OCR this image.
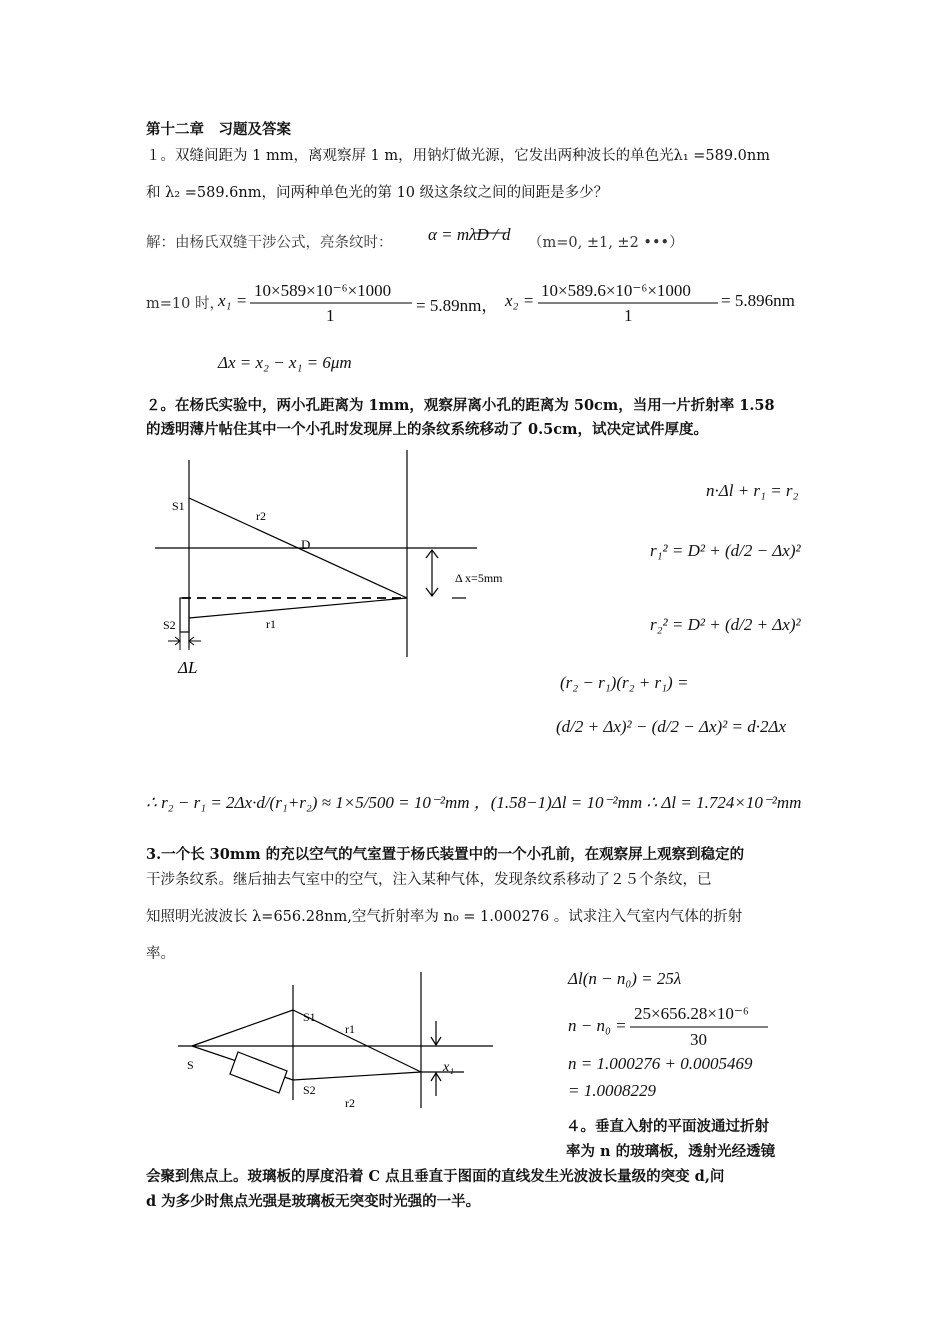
第十二章　习题及答案
１。双缝间距为 1 mm，离观察屏 1 m，用钠灯做光源，它发出两种波长的单色光λ₁ =589.0nm
和 λ₂ =589.6nm，问两种单色光的第 10 级这条纹之间的间距是多少？
解：由杨氏双缝干涉公式，亮条纹时： α = mλD / d （m=0, ±1, ±2 •••）
m=10 时，
x₁ =
10×589×10⁻⁶×1000
1
= 5.89nm， x₂ =
10×589.6×10⁻⁶×1000
1
= 5.896nm
Δx = x₂ − x₁ = 6μm
２。在杨氏实验中，两小孔距离为 1mm，观察屏离小孔的距离为 50cm，当用一片折射率 1.58
的透明薄片帖住其中一个小孔时发现屏上的条纹系统移动了 0.5cm，试决定试件厚度。
n·Δl + r₁ = r₂
r₁² = D² + (d/2 − Δx)²
r₂² = D² + (d/2 + Δx)²
(r₂ − r₁)(r₂ + r₁) =
(d/2 + Δx)² − (d/2 − Δx)² = d·2Δx
∴ r₂ − r₁ = 2Δx·d/(r₁+r₂) ≈ 1×5/500 = 10⁻²mm ，(1.58−1)Δl = 10⁻²mm ∴ Δl = 1.724×10⁻²mm
3.一个长 30mm 的充以空气的气室置于杨氏装置中的一个小孔前，在观察屏上观察到稳定的
干涉条纹系。继后抽去气室中的空气，注入某种气体，发现条纹系移动了２５个条纹，已
知照明光波波长 λ=656.28nm,空气折射率为 n₀ = 1.000276 。试求注入气室内气体的折射
率。
Δl(n − n₀) = 25λ
n − n₀ =
25×656.28×10⁻⁶
30
n = 1.000276 + 0.0005469
= 1.0008229
４。垂直入射的平面波通过折射
率为 n 的玻璃板，透射光经透镜
会聚到焦点上。玻璃板的厚度沿着 C 点且垂直于图面的直线发生光波波长量级的突变 d,问
d 为多少时焦点光强是玻璃板无突变时光强的一半。
S1
S2
r2
r1
D
Δ x=5mm
ΔL
S
S1
S2
r1
r2
x₁
